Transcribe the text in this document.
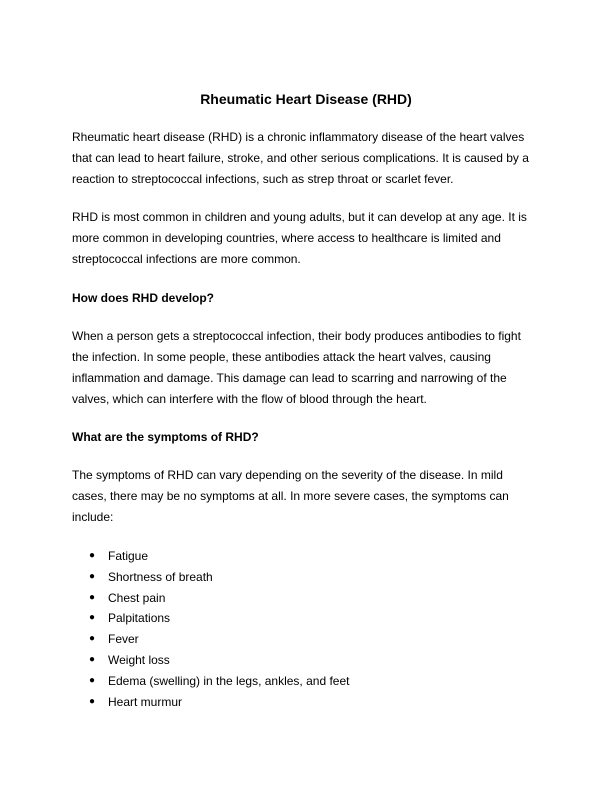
Rheumatic Heart Disease (RHD)
Rheumatic heart disease (RHD) is a chronic inflammatory disease of the heart valves
that can lead to heart failure, stroke, and other serious complications. It is caused by a
reaction to streptococcal infections, such as strep throat or scarlet fever.
RHD is most common in children and young adults, but it can develop at any age. It is
more common in developing countries, where access to healthcare is limited and
streptococcal infections are more common.
How does RHD develop?
When a person gets a streptococcal infection, their body produces antibodies to fight
the infection. In some people, these antibodies attack the heart valves, causing
inflammation and damage. This damage can lead to scarring and narrowing of the
valves, which can interfere with the flow of blood through the heart.
What are the symptoms of RHD?
The symptoms of RHD can vary depending on the severity of the disease. In mild
cases, there may be no symptoms at all. In more severe cases, the symptoms can
include:
● Fatigue
● Shortness of breath
● Chest pain
● Palpitations
● Fever
● Weight loss
● Edema (swelling) in the legs, ankles, and feet
● Heart murmur
